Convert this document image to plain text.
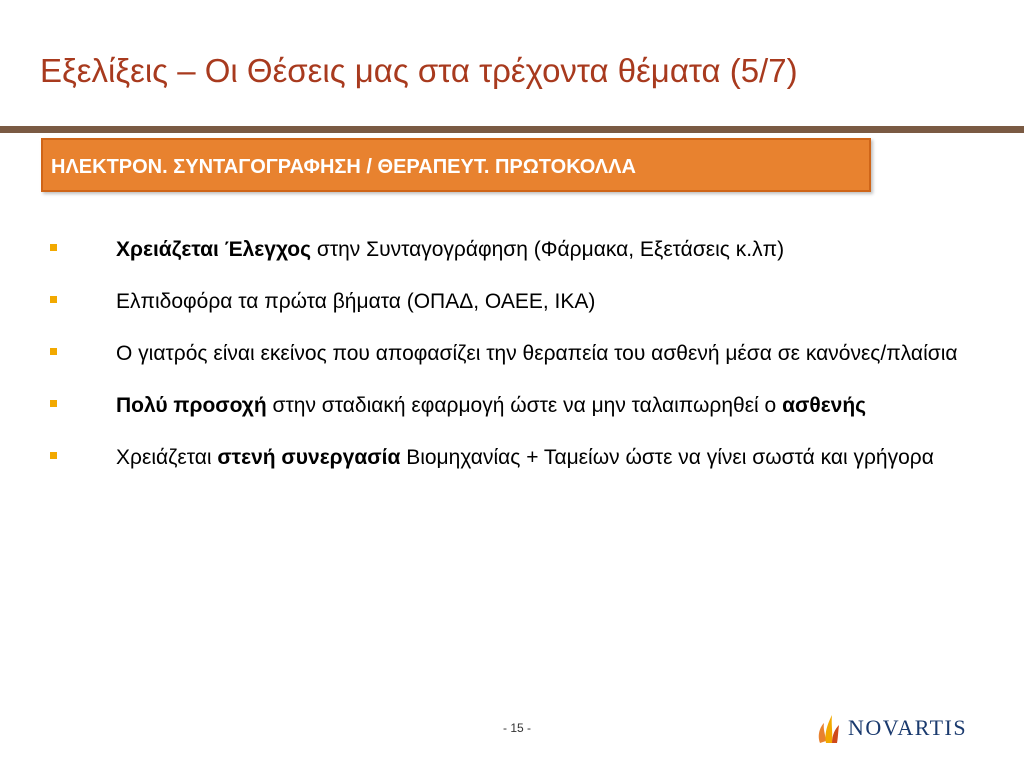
Εξελίξεις – Οι Θέσεις μας στα τρέχοντα θέματα (5/7)
ΗΛΕΚΤΡΟΝ. ΣΥΝΤΑΓΟΓΡΑΦΗΣΗ / ΘΕΡΑΠΕΥΤ. ΠΡΩΤΟΚΟΛΛΑ
Χρειάζεται Έλεγχος στην Συνταγογράφηση (Φάρμακα, Εξετάσεις κ.λπ)
Ελπιδοφόρα τα πρώτα βήματα (ΟΠΑΔ, ΟΑΕΕ, ΙΚΑ)
Ο γιατρός είναι εκείνος που αποφασίζει την θεραπεία του ασθενή μέσα σε κανόνες/πλαίσια
Πολύ προσοχή στην σταδιακή εφαρμογή ώστε να μην ταλαιπωρηθεί ο ασθενής
Χρειάζεται στενή συνεργασία Βιομηχανίας + Ταμείων ώστε να γίνει σωστά και γρήγορα
- 15 -	NOVARTIS
